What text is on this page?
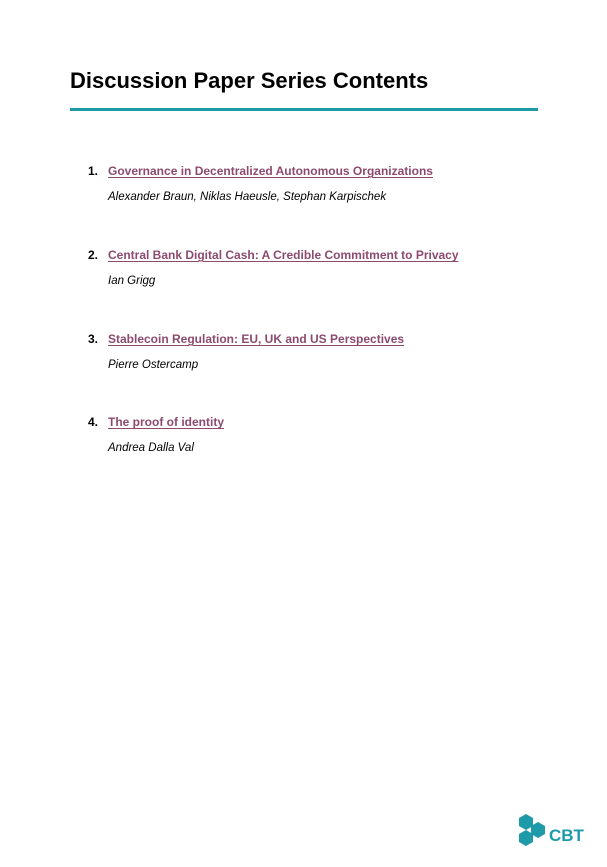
Discussion Paper Series Contents
1. Governance in Decentralized Autonomous Organizations
Alexander Braun, Niklas Haeusle, Stephan Karpischek
2. Central Bank Digital Cash: A Credible Commitment to Privacy
Ian Grigg
3. Stablecoin Regulation: EU, UK and US Perspectives
Pierre Ostercamp
4. The proof of identity
Andrea Dalla Val
CBT
